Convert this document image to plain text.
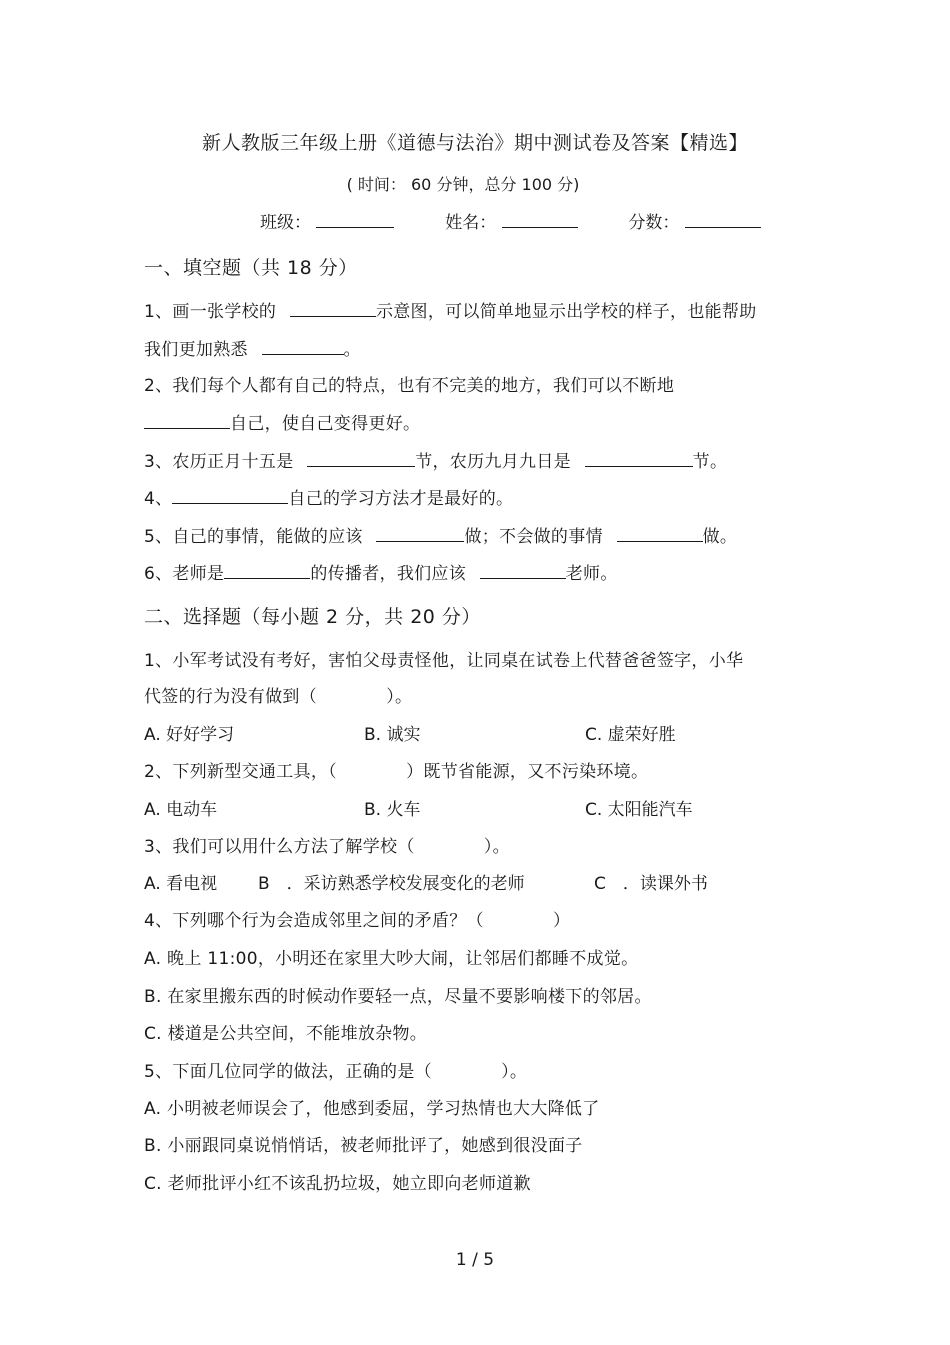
新人教版三年级上册《道德与法治》期中测试卷及答案【精选】
( 时间： 60 分钟，总分 100 分)
班级：	姓名：	分数：
一、填空题（共 18 分）
1、画一张学校的	示意图，可以简单地显示出学校的样子，也能帮助
我们更加熟悉	。
2、我们每个人都有自己的特点，也有不完美的地方，我们可以不断地
自己，使自己变得更好。
3、农历正月十五是	节，农历九月九日是	节。
4、	自己的学习方法才是最好的。
5、自己的事情，能做的应该	做；不会做的事情	做。
6、老师是	的传播者，我们应该	老师。
二、选择题（每小题 2 分，共 20 分）
1、小军考试没有考好，害怕父母责怪他，让同桌在试卷上代替爸爸签字，小华
代签的行为没有做到（　　　　）。
A. 好好学习	B. 诚实	C. 虚荣好胜
2、下列新型交通工具，（　　　　）既节省能源，又不污染环境。
A. 电动车	B. 火车	C. 太阳能汽车
3、我们可以用什么方法了解学校（　　　　）。
A. 看电视 B　．采访熟悉学校发展变化的老师	C　．读课外书
4、下列哪个行为会造成邻里之间的矛盾？（　　　　）
A. 晚上 11:00，小明还在家里大吵大闹，让邻居们都睡不成觉。
B. 在家里搬东西的时候动作要轻一点，尽量不要影响楼下的邻居。
C. 楼道是公共空间，不能堆放杂物。
5、下面几位同学的做法，正确的是（　　　　）。
A. 小明被老师误会了，他感到委屈，学习热情也大大降低了
B. 小丽跟同桌说悄悄话，被老师批评了，她感到很没面子
C. 老师批评小红不该乱扔垃圾，她立即向老师道歉
1 / 5
